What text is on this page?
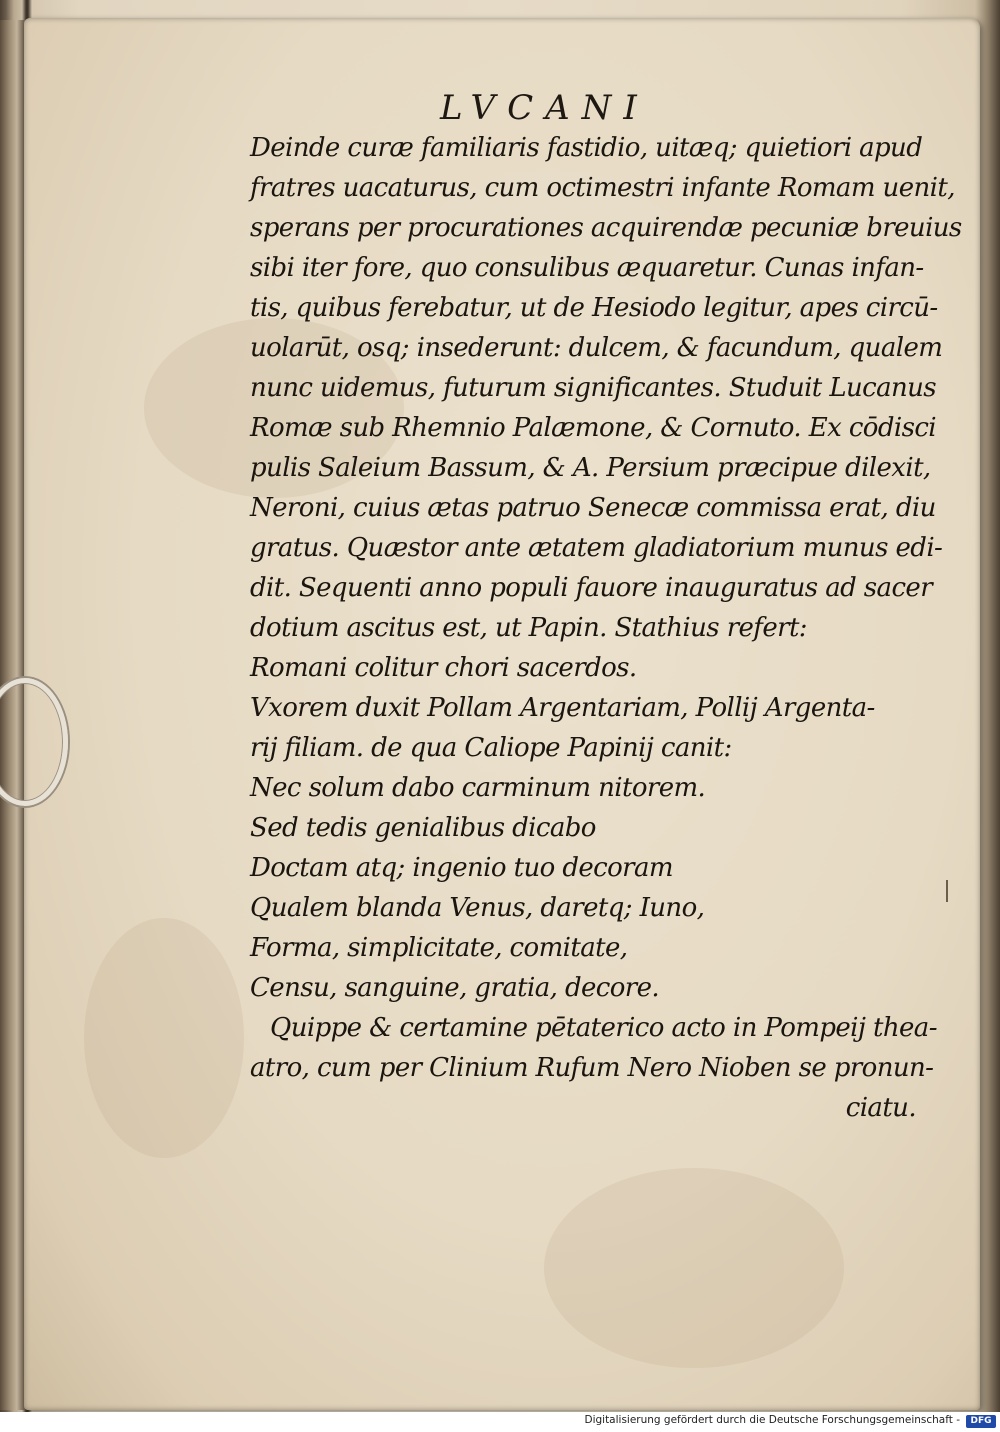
LVCANI
Deinde curæ familiaris fastidio, uitæq; quietiori apud
fratres uacaturus, cum octimestri infante Romam uenit,
sperans per procurationes acquirendæ pecuniæ breuius
sibi iter fore, quo consulibus æquaretur. Cunas infan-
tis, quibus ferebatur, ut de Hesiodo legitur, apes circū-
uolarūt, osq; insederunt: dulcem, & facundum, qualem
nunc uidemus, futurum significantes. Studuit Lucanus
Romæ sub Rhemnio Palæmone, & Cornuto. Ex cōdisci
pulis Saleium Bassum, & A. Persium præcipue dilexit,
Neroni, cuius ætas patruo Senecæ commissa erat, diu
gratus. Quæstor ante ætatem gladiatorium munus edi-
dit. Sequenti anno populi fauore inauguratus ad sacer
dotium ascitus est, ut Papin. Stathius refert:
Romani colitur chori sacerdos.
Vxorem duxit Pollam Argentariam, Pollij Argenta-
rij filiam. de qua Caliope Papinij canit:
Nec solum dabo carminum nitorem.
Sed tedis genialibus dicabo
Doctam atq; ingenio tuo decoram
Qualem blanda Venus, daretq; Iuno,
Forma, simplicitate, comitate,
Censu, sanguine, gratia, decore.
Quippe & certamine pētaterico acto in Pompeij thea-
atro, cum per Clinium Rufum Nero Nioben se pronun-
ciatu.
Digitalisierung gefördert durch die Deutsche Forschungsgemeinschaft -	DFG
